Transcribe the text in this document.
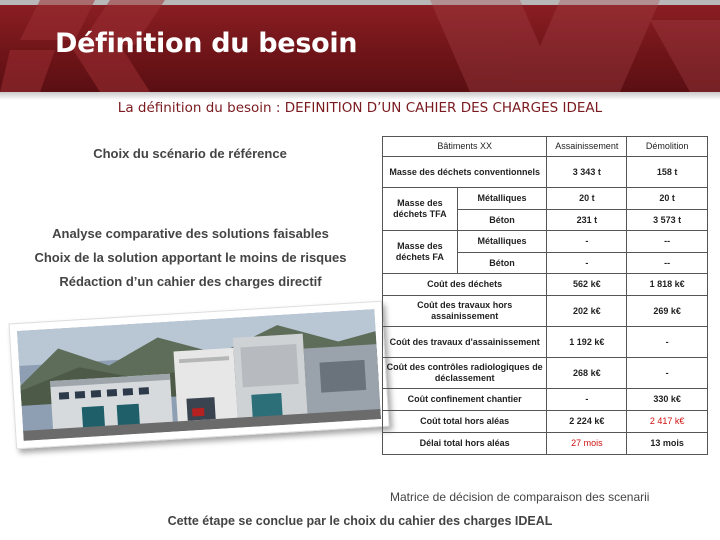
Définition du besoin
La définition du besoin : DEFINITION D’UN CAHIER DES CHARGES IDEAL
Choix du scénario de référence
Analyse comparative des solutions faisables
Choix de la solution apportant le moins de risques
Rédaction d’un cahier des charges directif
Bâtiments XX		Assainissement	Démolition
Masse des déchets conventionnels		3 343 t	158 t
Masse des déchets TFA	Métalliques	20 t	20 t
	Béton	231 t	3 573 t
Masse des déchets FA	Métalliques	-	--
	Béton	-	--
Coût des déchets		562 k€	1 818 k€
Coût des travaux hors assainissement		202 k€	269 k€
Coût des travaux d'assainissement		1 192 k€	-
Coût des contrôles radiologiques de déclassement		268 k€	-
Coût confinement chantier		-	330 k€
Coût total hors aléas		2 224 k€	2 417 k€
Délai total hors aléas		27 mois	13 mois
Matrice de décision de comparaison des scenarii
Cette étape se conclue par le choix du cahier des charges IDEAL
